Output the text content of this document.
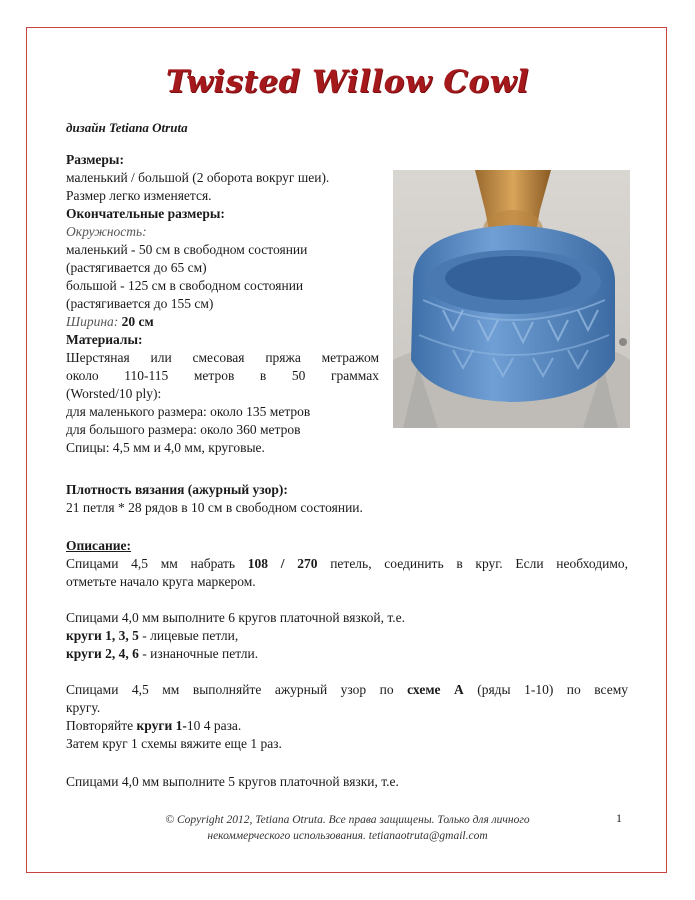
Twisted Willow Cowl
дизайн Tetiana Otruta
Размеры:
маленький / большой (2 оборота вокруг шеи).
Размер легко изменяется.
Окончательные размеры:
Окружность:
маленький - 50 см в свободном состоянии
(растягивается до 65 см)
большой - 125 см в свободном состоянии
(растягивается до 155 см)
Ширина: 20 см
Материалы:
Шерстяная или смесовая пряжа метражом
около 110-115 метров в 50 граммах
(Worsted/10 ply):
для маленького размера: около 135 метров
для большого размера: около 360 метров
Спицы: 4,5 мм и 4,0 мм, круговые.
Плотность вязания (ажурный узор):
21 петля * 28 рядов в 10 см в свободном состоянии.
Описание:
Спицами 4,5 мм набрать 108 / 270 петель, соединить в круг. Если необходимо,
отметьте начало круга маркером.
Спицами 4,0 мм выполните 6 кругов платочной вязкой, т.е.
круги 1, 3, 5 - лицевые петли,
круги 2, 4, 6 - изнаночные петли.
Спицами 4,5 мм выполняйте ажурный узор по схеме А (ряды 1-10) по всему
кругу.
Повторяйте круги 1-10 4 раза.
Затем круг 1 схемы вяжите еще 1 раз.
Спицами 4,0 мм выполните 5 кругов платочной вязки, т.е.
© Copyright 2012, Tetiana Otruta. Все права защищены. Только для личного
некоммерческого использования. tetianaotruta@gmail.com
1
